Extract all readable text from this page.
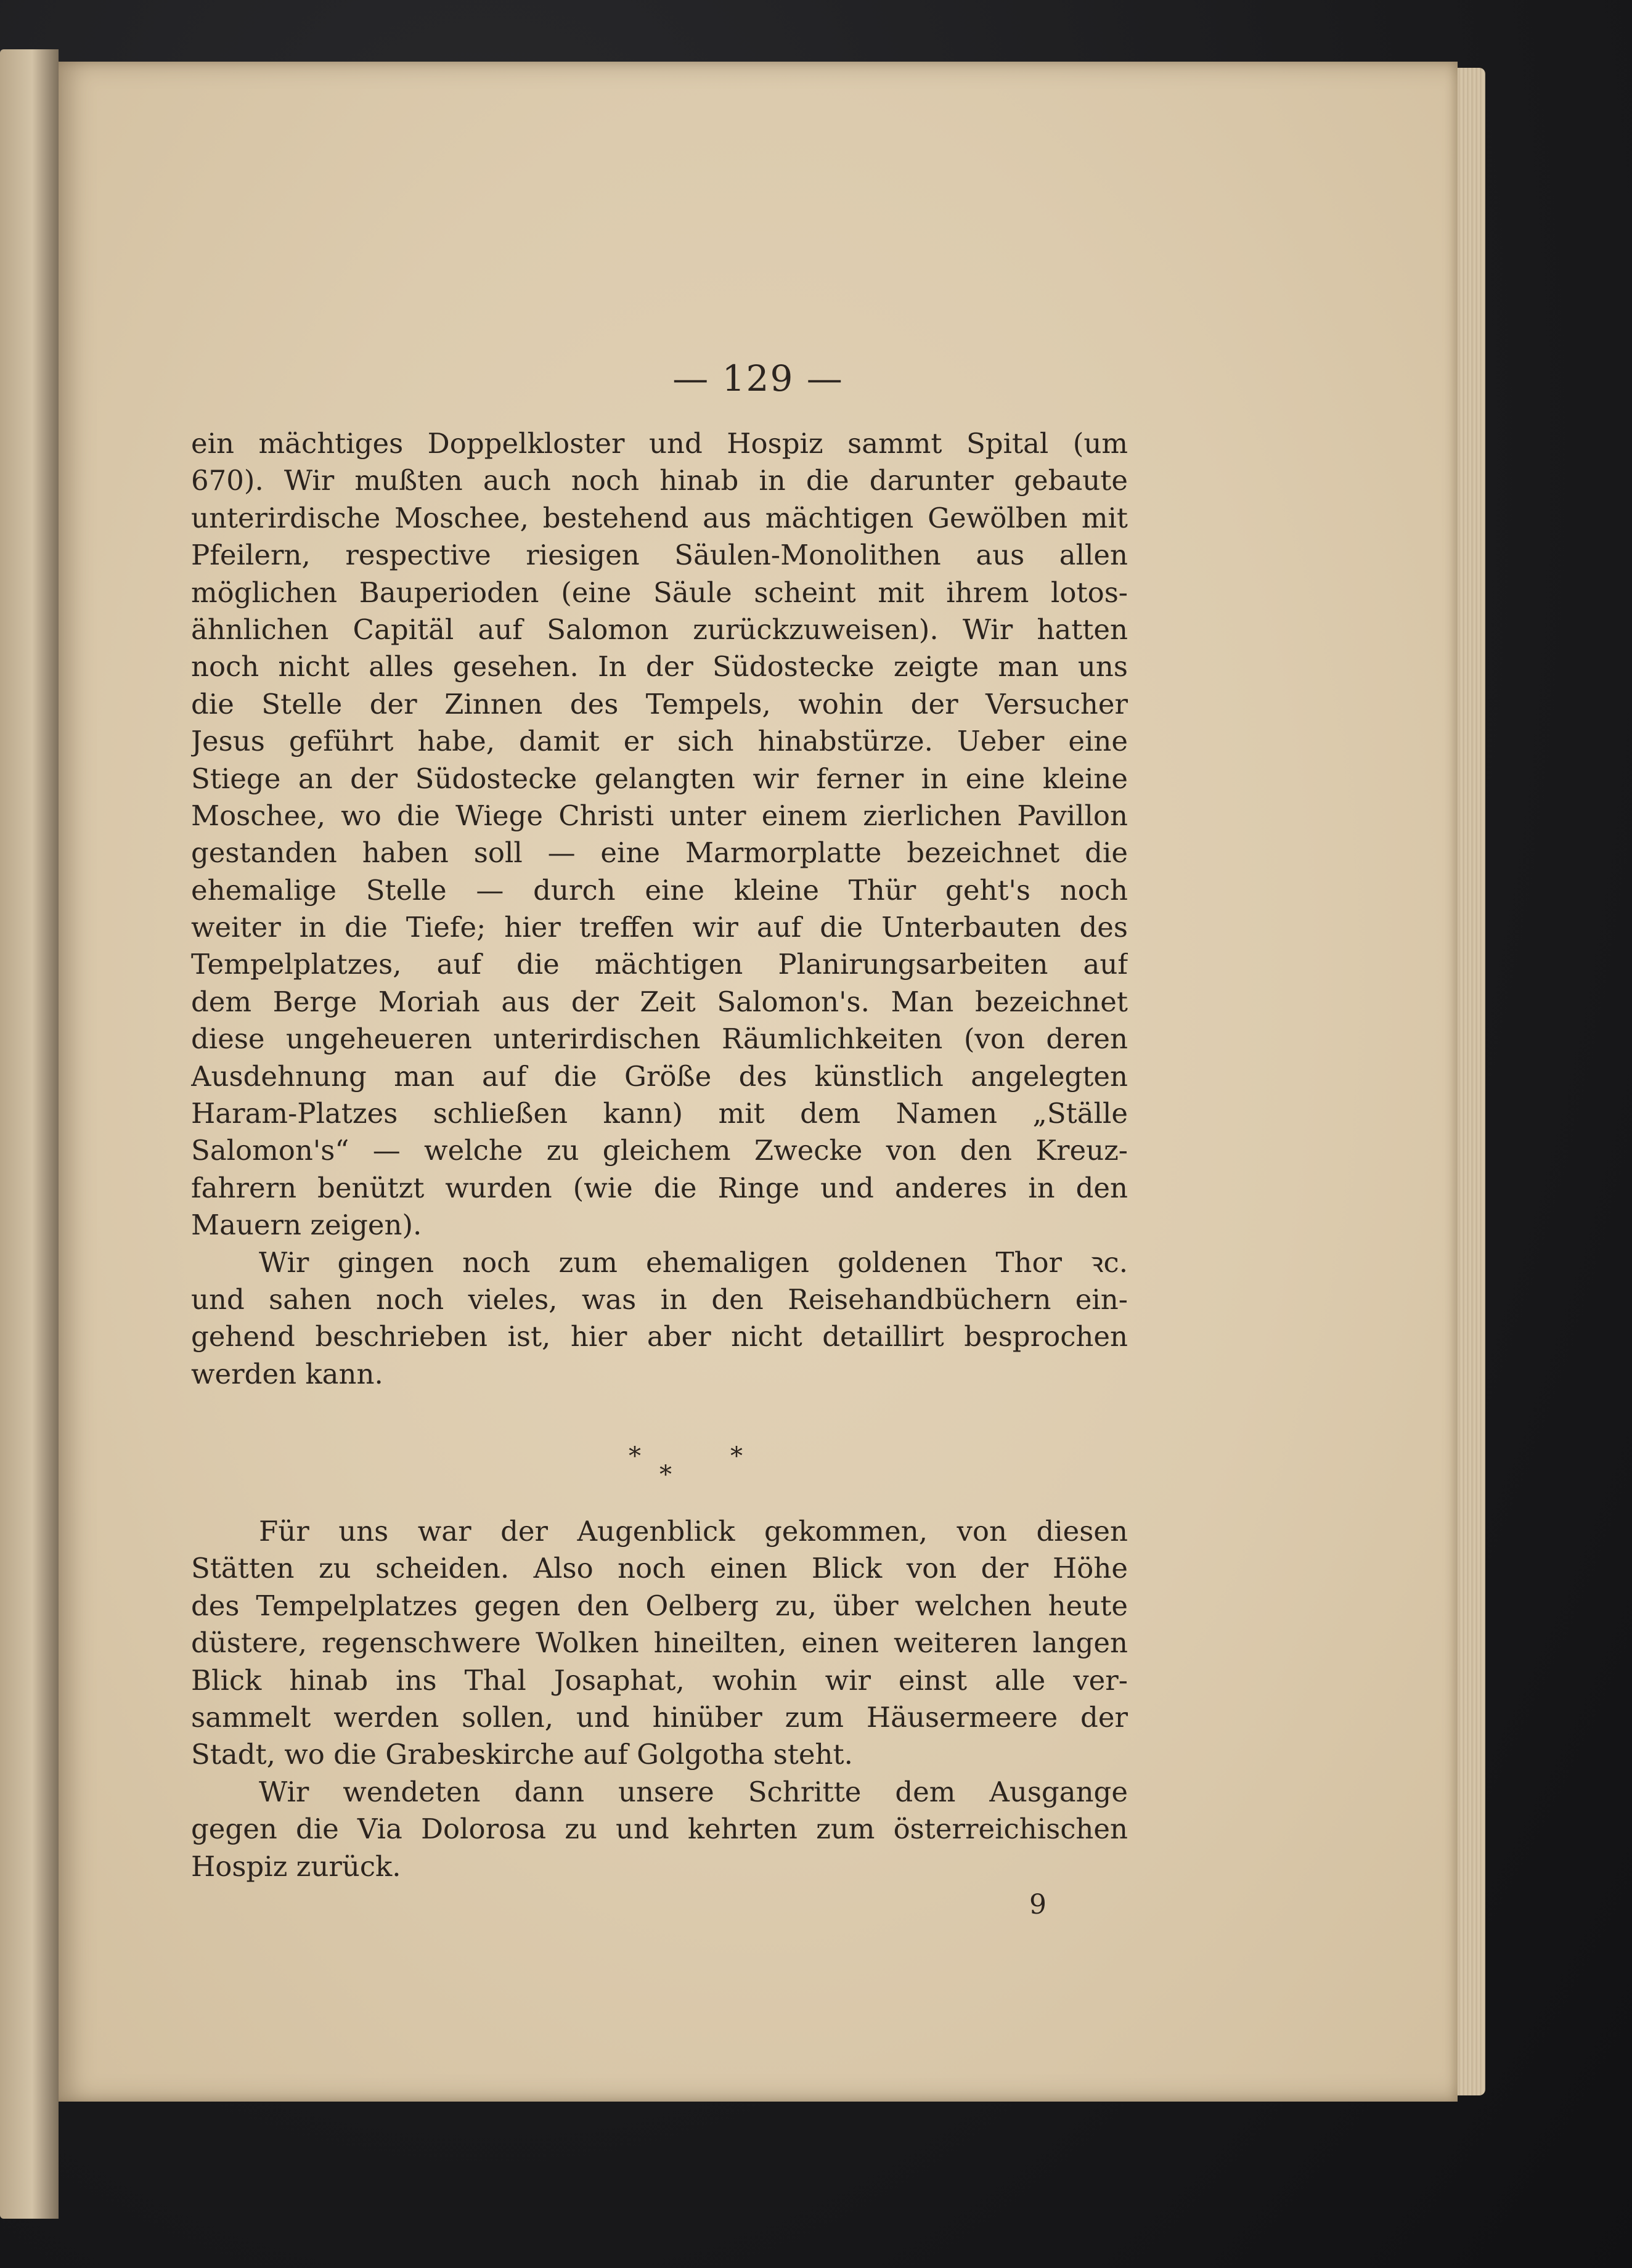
— 129 —
ein mächtiges Doppelkloster und Hospiz sammt Spital (um
670). Wir mußten auch noch hinab in die darunter gebaute
unterirdische Moschee, bestehend aus mächtigen Gewölben mit
Pfeilern, respective riesigen Säulen-Monolithen aus allen
möglichen Bauperioden (eine Säule scheint mit ihrem lotos-
ähnlichen Capitäl auf Salomon zurückzuweisen). Wir hatten
noch nicht alles gesehen. In der Südostecke zeigte man uns
die Stelle der Zinnen des Tempels, wohin der Versucher
Jesus geführt habe, damit er sich hinabstürze. Ueber eine
Stiege an der Südostecke gelangten wir ferner in eine kleine
Moschee, wo die Wiege Christi unter einem zierlichen Pavillon
gestanden haben soll — eine Marmorplatte bezeichnet die
ehemalige Stelle — durch eine kleine Thür geht's noch
weiter in die Tiefe; hier treffen wir auf die Unterbauten des
Tempelplatzes, auf die mächtigen Planirungsarbeiten auf
dem Berge Moriah aus der Zeit Salomon's. Man bezeichnet
diese ungeheueren unterirdischen Räumlichkeiten (von deren
Ausdehnung man auf die Größe des künstlich angelegten
Haram-Platzes schließen kann) mit dem Namen „Ställe
Salomon's“ — welche zu gleichem Zwecke von den Kreuz-
fahrern benützt wurden (wie die Ringe und anderes in den
Mauern zeigen).
Wir gingen noch zum ehemaligen goldenen Thor ꝛc.
und sahen noch vieles, was in den Reisehandbüchern ein-
gehend beschrieben ist, hier aber nicht detaillirt besprochen
werden kann.
*
*
*
Für uns war der Augenblick gekommen, von diesen
Stätten zu scheiden. Also noch einen Blick von der Höhe
des Tempelplatzes gegen den Oelberg zu, über welchen heute
düstere, regenschwere Wolken hineilten, einen weiteren langen
Blick hinab ins Thal Josaphat, wohin wir einst alle ver-
sammelt werden sollen, und hinüber zum Häusermeere der
Stadt, wo die Grabeskirche auf Golgotha steht.
Wir wendeten dann unsere Schritte dem Ausgange
gegen die Via Dolorosa zu und kehrten zum österreichischen
Hospiz zurück.
9
